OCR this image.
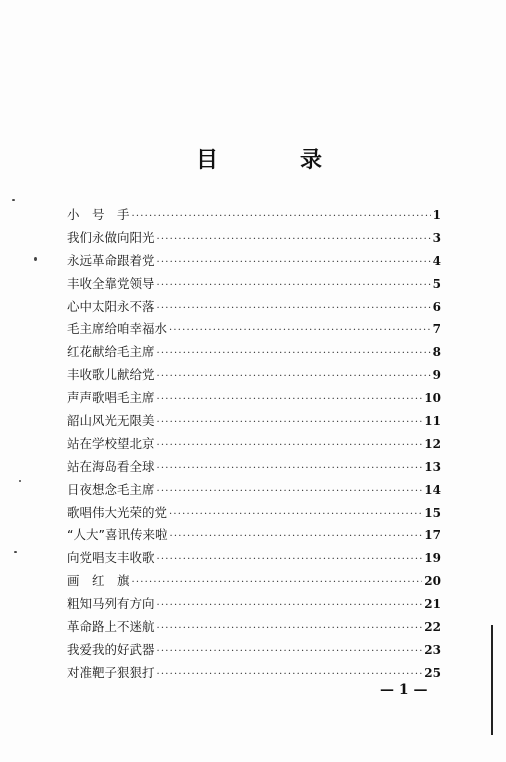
目	录
小　号　手 ·····	1
我们永做向阳光 ·····	3
永远革命跟着党 ·····	4
丰收全靠党领导 ·····	5
心中太阳永不落 ·····	6
毛主席给咱幸福水 ·····	7
红花献给毛主席 ·····	8
丰收歌儿献给党 ·····	9
声声歌唱毛主席 ·····	10
韶山风光无限美 ·····	11
站在学校望北京 ·····	12
站在海岛看全球 ·····	13
日夜想念毛主席 ·····	14
歌唱伟大光荣的党 ·····	15
“人大”喜讯传来啦 ·····	17
向党唱支丰收歌 ·····	19
画　红　旗 ·····	20
粗知马列有方向 ·····	21
革命路上不迷航 ·····	22
我爱我的好武器 ·····	23
对准靶子狠狠打 ·····	25
— 1 —
